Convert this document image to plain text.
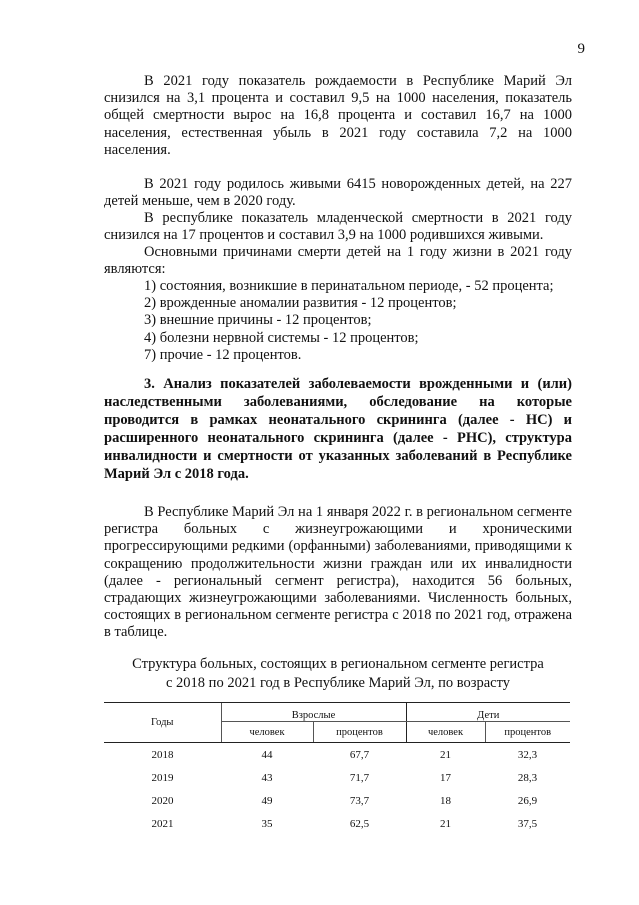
9

В 2021 году показатель рождаемости в Республике Марий Эл снизился на 3,1 процента и составил 9,5 на 1000 населения, показатель общей смертности вырос на 16,8 процента и составил 16,7 на 1000 населения, естественная убыль в 2021 году составила 7,2 на 1000 населения.

В 2021 году родилось живыми 6415 новорожденных детей, на 227 детей меньше, чем в 2020 году.

В республике показатель младенческой смертности в 2021 году снизился на 17 процентов и составил 3,9 на 1000 родившихся живыми.

Основными причинами смерти детей на 1 году жизни в 2021 году являются:

1) состояния, возникшие в перинатальном периоде, - 52 процента;
2) врожденные аномалии развития - 12 процентов;
3) внешние причины - 12 процентов;
4) болезни нервной системы - 12 процентов;
7) прочие - 12 процентов.

3. Анализ показателей заболеваемости врожденными и (или) наследственными заболеваниями, обследование на которые проводится в рамках неонатального скрининга (далее - НС) и расширенного неонатального скрининга (далее - РНС), структура инвалидности и смертности от указанных заболеваний в Республике Марий Эл с 2018 года.

В Республике Марий Эл на 1 января 2022 г. в региональном сегменте регистра больных с жизнеугрожающими и хроническими прогрессирующими редкими (орфанными) заболеваниями, приводящими к сокращению продолжительности жизни граждан или их инвалидности (далее - региональный сегмент регистра), находится 56 больных, страдающих жизнеугрожающими заболеваниями. Численность больных, состоящих в региональном сегменте регистра с 2018 по 2021 год, отражена в таблице.

Структура больных, состоящих в региональном сегменте регистра
с 2018 по 2021 год в Республике Марий Эл, по возрасту

Годы	Взрослые		Дети	
	человек	процентов	человек	процентов
2018	44	67,7	21	32,3
2019	43	71,7	17	28,3
2020	49	73,7	18	26,9
2021	35	62,5	21	37,5
